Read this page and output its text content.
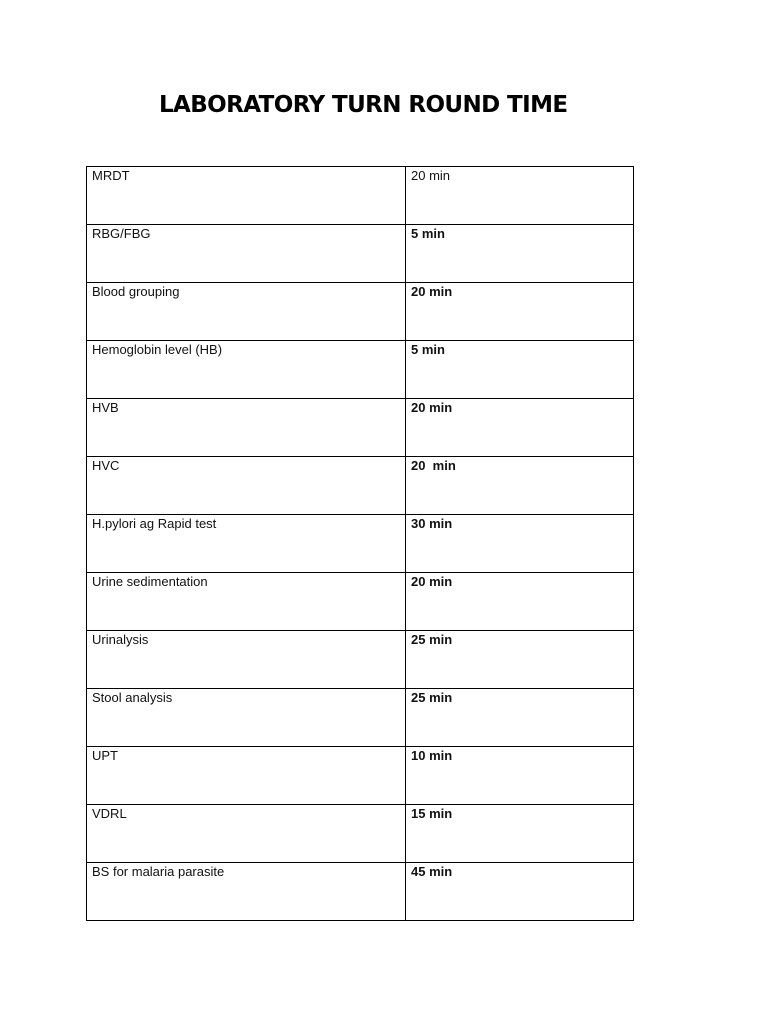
LABORATORY TURN ROUND TIME
MRDT	20 min
RBG/FBG	5 min
Blood grouping	20 min
Hemoglobin level (HB)	5 min
HVB	20 min
HVC	20  min
H.pylori ag Rapid test	30 min
Urine sedimentation	20 min
Urinalysis	25 min
Stool analysis	25 min
UPT	10 min
VDRL	15 min
BS for malaria parasite	45 min
